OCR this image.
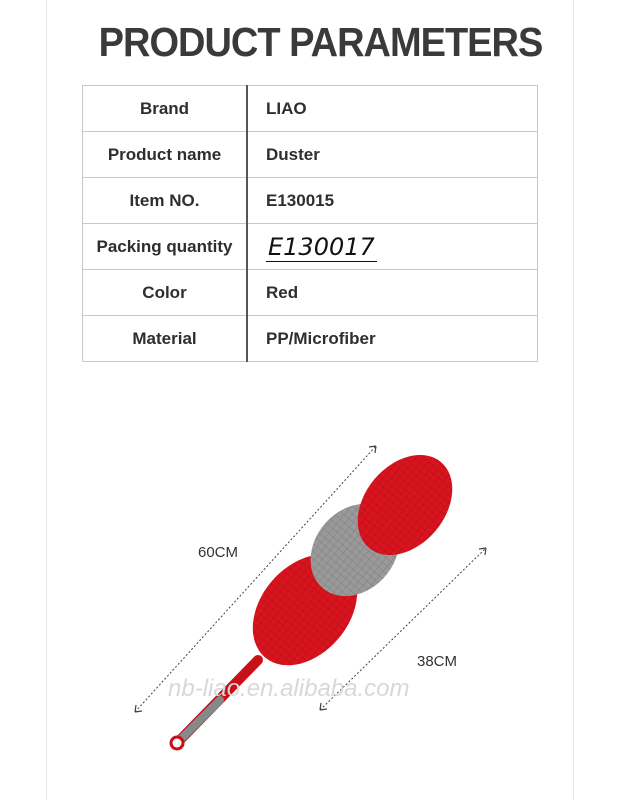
PRODUCT PARAMETERS
Brand	LIAO
Product name	Duster
Item NO.	E130015
Packing quantity	E130017
Color	Red
Material	PP/Microfiber
60CM
38CM
nb-liao.en.alibaba.com
